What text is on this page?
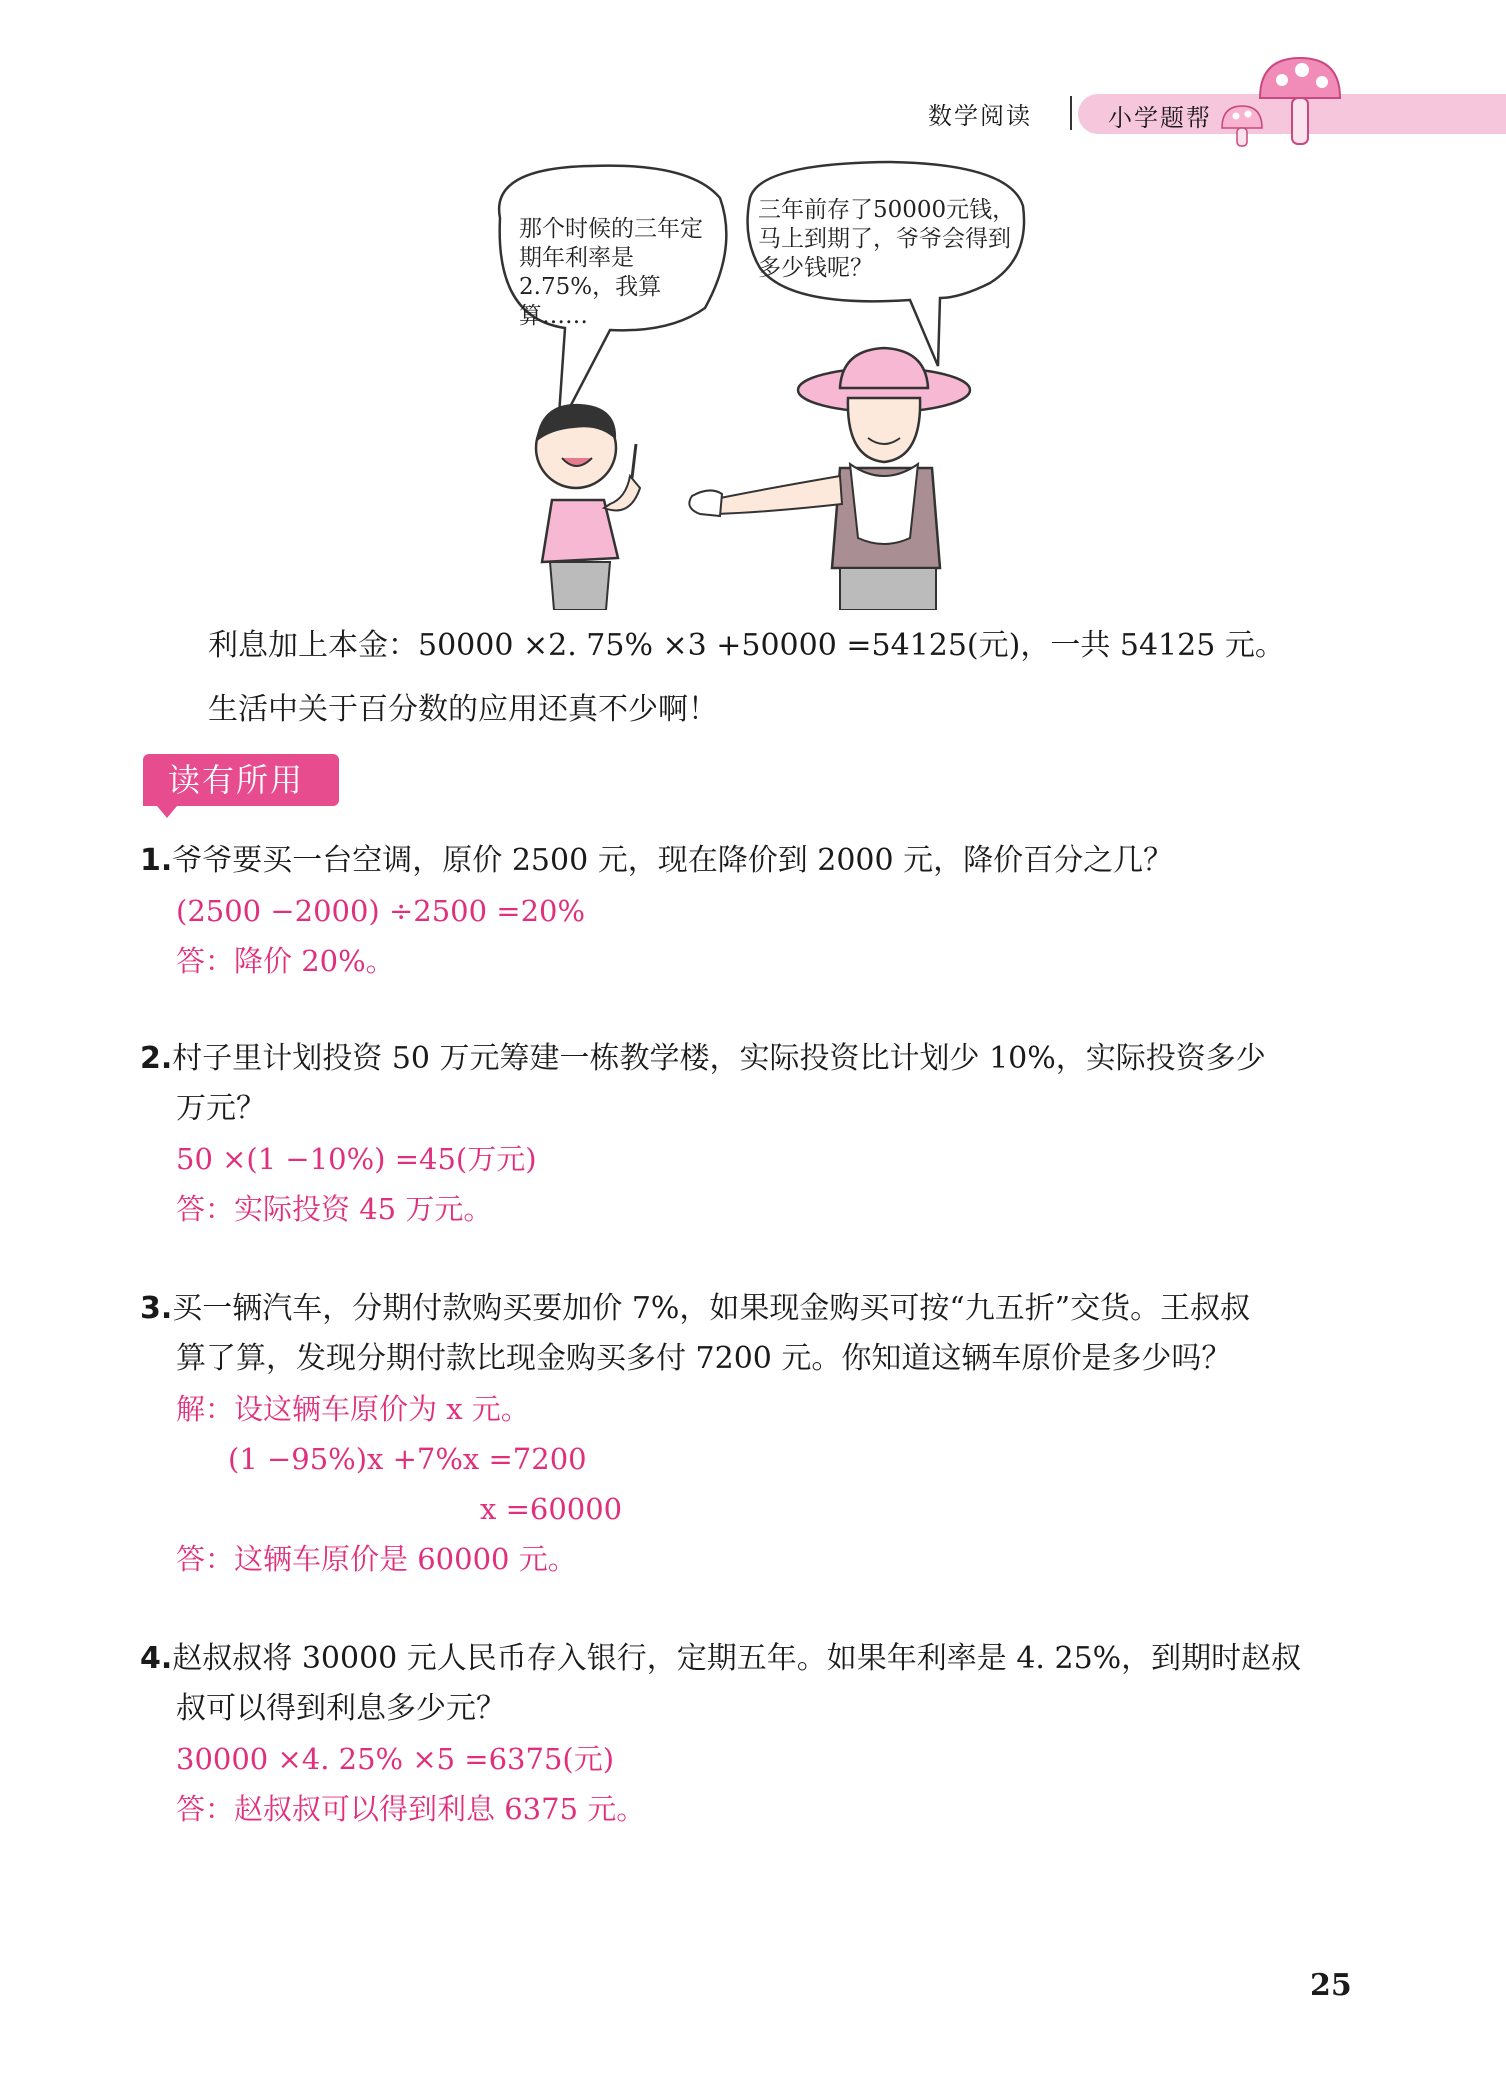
数学阅读	小学题帮
那个时候的三年定期年利率是2.75%，我算算……
三年前存了50000元钱，马上到期了，爷爷会得到多少钱呢？
利息加上本金：50000 ×2. 75% ×3 +50000 =54125(元)，一共 54125 元。
生活中关于百分数的应用还真不少啊！
读有所用
1.爷爷要买一台空调，原价 2500 元，现在降价到 2000 元，降价百分之几？
(2500 −2000) ÷2500 =20%
答：降价 20%。
2.村子里计划投资 50 万元筹建一栋教学楼，实际投资比计划少 10%，实际投资多少
万元？
50 ×(1 −10%) =45(万元)
答：实际投资 45 万元。
3.买一辆汽车，分期付款购买要加价 7%，如果现金购买可按“九五折”交货。王叔叔
算了算，发现分期付款比现金购买多付 7200 元。你知道这辆车原价是多少吗？
解：设这辆车原价为 x 元。
(1 −95%)x +7%x =7200
x =60000
答：这辆车原价是 60000 元。
4.赵叔叔将 30000 元人民币存入银行，定期五年。如果年利率是 4. 25%，到期时赵叔
叔可以得到利息多少元？
30000 ×4. 25% ×5 =6375(元)
答：赵叔叔可以得到利息 6375 元。
25
